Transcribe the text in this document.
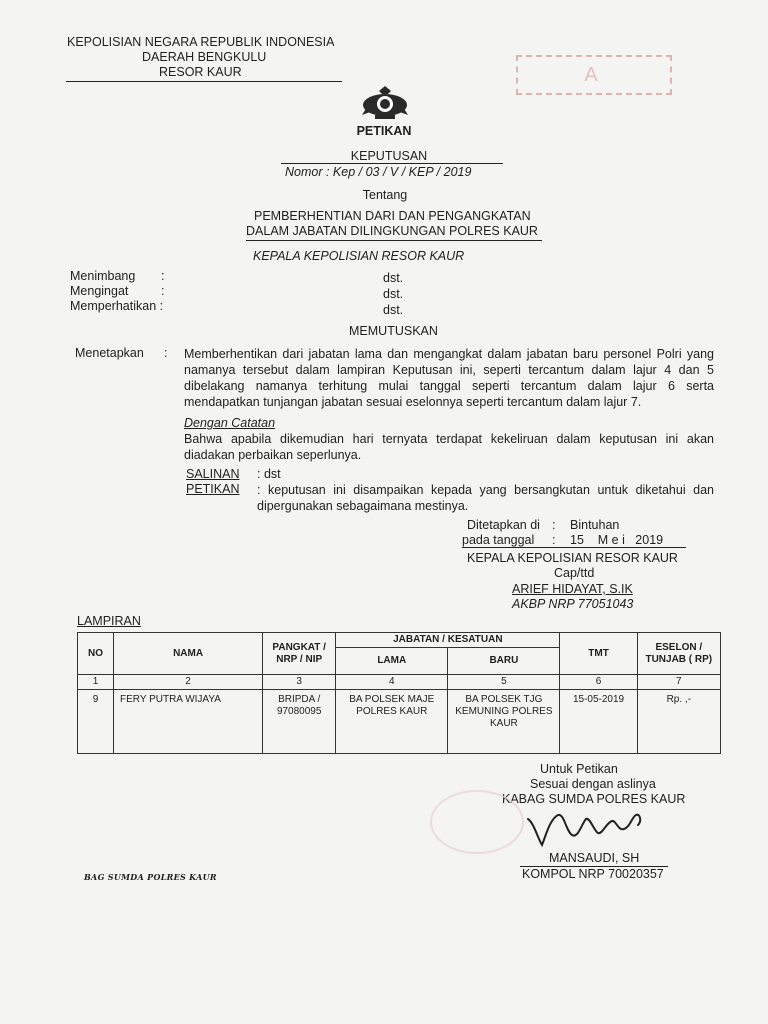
KEPOLISIAN NEGARA REPUBLIK INDONESIA
DAERAH BENGKULU
RESOR KAUR	A
PETIKAN
KEPUTUSAN
Nomor : Kep / 03 / V / KEP / 2019
Tentang
PEMBERHENTIAN DARI DAN PENGANGKATAN
DALAM JABATAN DILINGKUNGAN POLRES KAUR
KEPALA KEPOLISIAN RESOR KAUR
Menimbang :	dst.
Mengingat	:	dst.
Memperhatikan :	dst.
MEMUTUSKAN
Menetapkan : Memberhentikan dari jabatan lama dan mengangkat dalam jabatan baru personel Polri yang namanya tersebut dalam lampiran Keputusan ini, seperti tercantum dalam lajur 4 dan 5 dibelakang namanya terhitung mulai tanggal seperti tercantum dalam lajur 6 serta mendapatkan tunjangan jabatan sesuai eselonnya seperti tercantum dalam lajur 7.
Dengan Catatan
Bahwa apabila dikemudian hari ternyata terdapat kekeliruan dalam keputusan ini akan diadakan perbaikan seperlunya.
SALINAN : dst
PETIKAN : keputusan ini disampaikan kepada yang bersangkutan untuk diketahui dan dipergunakan sebagaimana mestinya.
Ditetapkan di : Bintuhan
pada tanggal : 15    M e i   2019
KEPALA KEPOLISIAN RESOR KAUR
Cap/ttd
ARIEF HIDAYAT, S.IK
AKBP NRP 77051043
LAMPIRAN
NO	NAMA	PANGKAT / NRP / NIP	JABATAN / KESATUAN		TMT	ESELON / TUNJAB ( RP)
			LAMA	BARU		
1	2	3	4	5	6	7
9	FERY PUTRA WIJAYA	BRIPDA / 97080095	BA POLSEK MAJE POLRES KAUR	BA POLSEK TJG KEMUNING POLRES KAUR	15-05-2019	Rp. ,-
Untuk Petikan
Sesuai dengan aslinya
KABAG SUMDA POLRES KAUR
MANSAUDI, SH
KOMPOL NRP 70020357
BAG SUMDA POLRES KAUR
